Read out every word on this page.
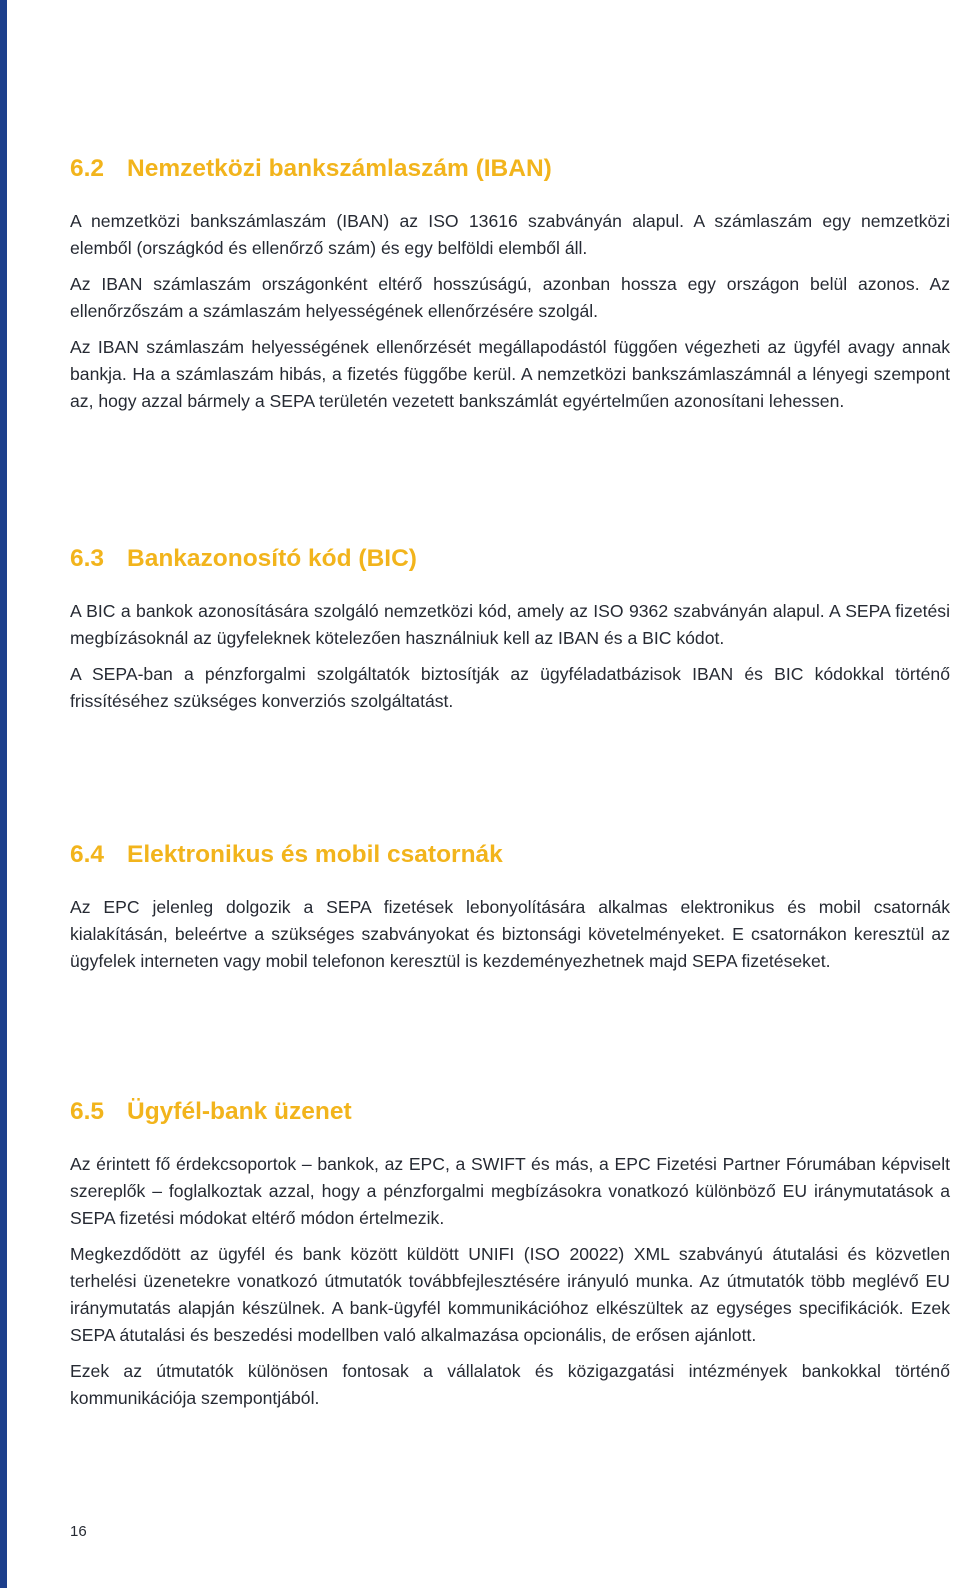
6.2 Nemzetközi bankszámlaszám (IBAN)

A nemzetközi bankszámlaszám (IBAN) az ISO 13616 szabványán alapul. A számlaszám egy nemzetközi elemből (országkód és ellenőrző szám) és egy belföldi elemből áll.

Az IBAN számlaszám országonként eltérő hosszúságú, azonban hossza egy országon belül azonos. Az ellenőrzőszám a számlaszám helyességének ellenőrzésére szolgál.

Az IBAN számlaszám helyességének ellenőrzését megállapodástól függően végezheti az ügyfél avagy annak bankja. Ha a számlaszám hibás, a fizetés függőbe kerül. A nemzetközi bankszámlaszámnál a lényegi szempont az, hogy azzal bármely a SEPA területén vezetett bankszámlát egyértelműen azonosítani lehessen.

6.3 Bankazonosító kód (BIC)

A BIC a bankok azonosítására szolgáló nemzetközi kód, amely az ISO 9362 szabványán alapul. A SEPA fizetési megbízásoknál az ügyfeleknek kötelezően használniuk kell az IBAN és a BIC kódot.

A SEPA-ban a pénzforgalmi szolgáltatók biztosítják az ügyféladatbázisok IBAN és BIC kódokkal történő frissítéséhez szükséges konverziós szolgáltatást.

6.4 Elektronikus és mobil csatornák

Az EPC jelenleg dolgozik a SEPA fizetések lebonyolítására alkalmas elektronikus és mobil csatornák kialakításán, beleértve a szükséges szabványokat és biztonsági követelményeket. E csatornákon keresztül az ügyfelek interneten vagy mobil telefonon keresztül is kezdeményezhetnek majd SEPA fizetéseket.

6.5 Ügyfél-bank üzenet

Az érintett fő érdekcsoportok – bankok, az EPC, a SWIFT és más, a EPC Fizetési Partner Fórumában képviselt szereplők – foglalkoztak azzal, hogy a pénzforgalmi megbízásokra vonatkozó különböző EU iránymutatások a SEPA fizetési módokat eltérő módon értelmezik.

Megkezdődött az ügyfél és bank között küldött UNIFI (ISO 20022) XML szabványú átutalási és közvetlen terhelési üzenetekre vonatkozó útmutatók továbbfejlesztésére irányuló munka. Az útmutatók több meglévő EU iránymutatás alapján készülnek. A bank-ügyfél kommunikációhoz elkészültek az egységes specifikációk. Ezek SEPA átutalási és beszedési modellben való alkalmazása opcionális, de erősen ajánlott.

Ezek az útmutatók különösen fontosak a vállalatok és közigazgatási intézmények bankokkal történő kommunikációja szempontjából.

16
